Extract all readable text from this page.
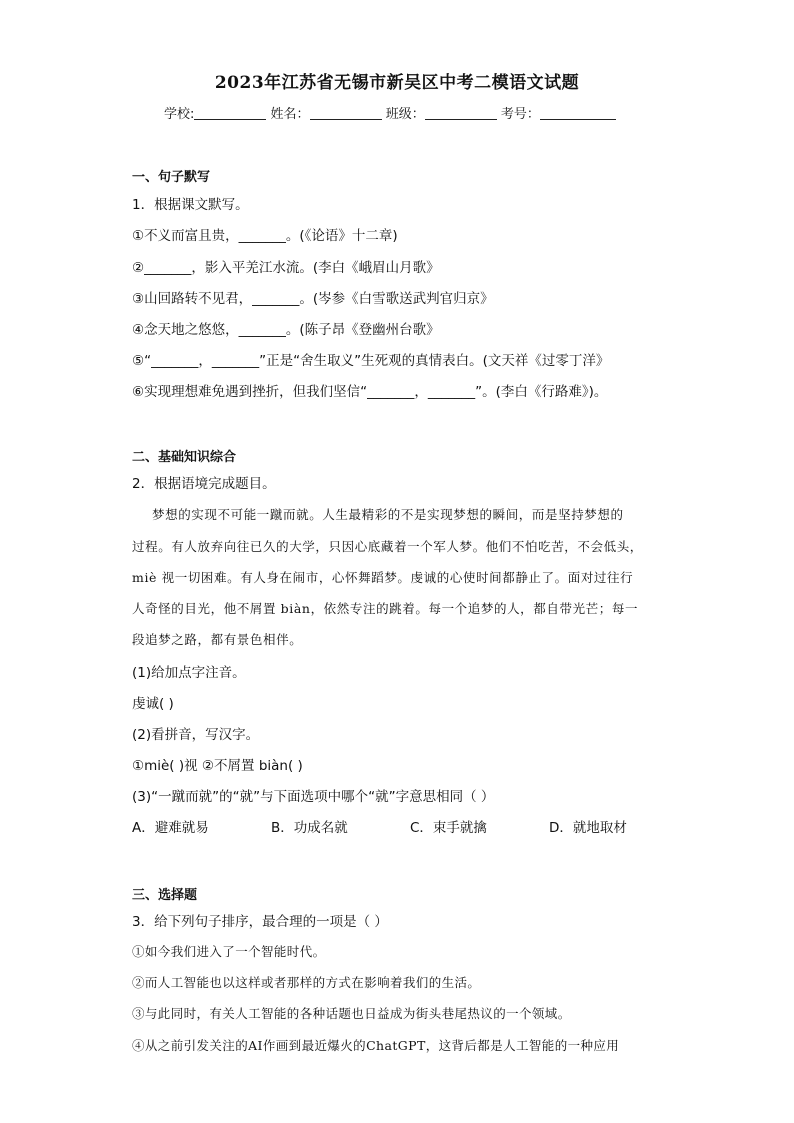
2023年江苏省无锡市新吴区中考二模语文试题
学校:	姓名：	班级：	考号：
一、句子默写
1．根据课文默写。
①不义而富且贵，_______。(《论语》十二章)
②_______，影入平羌江水流。(李白《峨眉山月歌》
③山回路转不见君，_______。(岑参《白雪歌送武判官归京》
④念天地之悠悠，_______。(陈子昂《登幽州台歌》
⑤“_______，_______”正是“舍生取义”生死观的真情表白。(文天祥《过零丁洋》
⑥实现理想难免遇到挫折，但我们坚信“_______，_______”。(李白《行路难》)。
二、基础知识综合
2．根据语境完成题目。
梦想的实现不可能一蹴而就。人生最精彩的不是实现梦想的瞬间，而是坚持梦想的
过程。有人放弃向往已久的大学，只因心底藏着一个军人梦。他们不怕吃苦，不会低头，
miè 视一切困难。有人身在闹市，心怀舞蹈梦。虔诚的心使时间都静止了。面对过往行
人奇怪的目光，他不屑置 biàn，依然专注的跳着。每一个追梦的人，都自带光芒；每一
段追梦之路，都有景色相伴。
(1)给加点字注音。
虔诚( )
(2)看拼音，写汉字。
①miè( )视 ②不屑置 biàn( )
(3)“一蹴而就”的“就”与下面选项中哪个“就”字意思相同（ ）
A．避难就易	B．功成名就	C．束手就擒	D．就地取材
三、选择题
3．给下列句子排序，最合理的一项是（ ）
①如今我们进入了一个智能时代。
②而人工智能也以这样或者那样的方式在影响着我们的生活。
③与此同时，有关人工智能的各种话题也日益成为街头巷尾热议的一个领域。
④从之前引发关注的AI作画到最近爆火的ChatGPT，这背后都是人工智能的一种应用
